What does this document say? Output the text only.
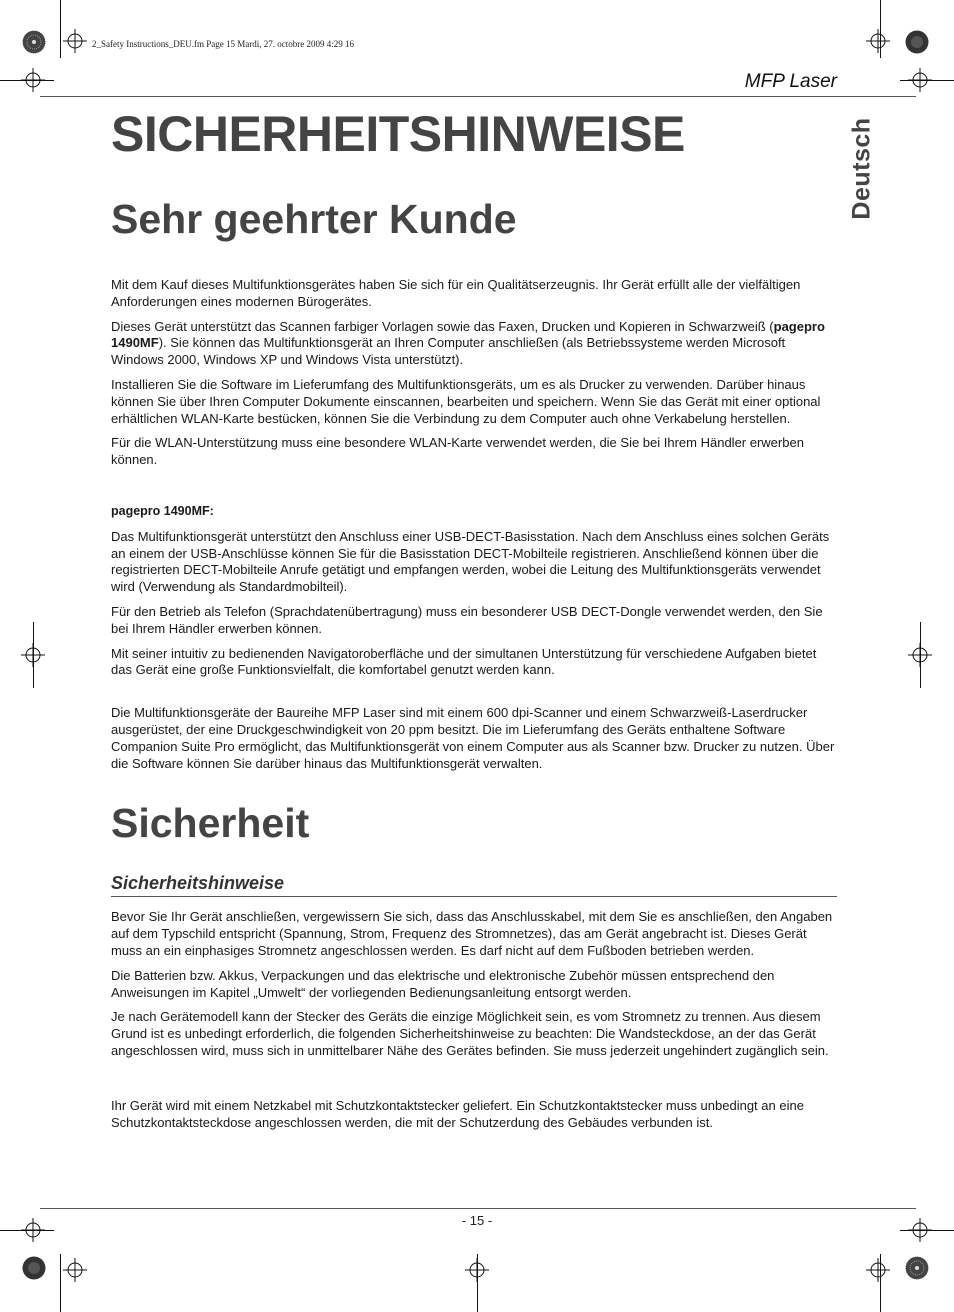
2_Safety Instructions_DEU.fm Page 15 Mardi, 27. octobre 2009 4:29 16
MFP Laser
Deutsch
SICHERHEITSHINWEISE
Sehr geehrter Kunde

Mit dem Kauf dieses Multifunktionsgerätes haben Sie sich für ein Qualitätserzeugnis. Ihr Gerät erfüllt alle der vielfältigen Anforderungen eines modernen Bürogerätes.

Dieses Gerät unterstützt das Scannen farbiger Vorlagen sowie das Faxen, Drucken und Kopieren in Schwarzweiß (pagepro 1490MF). Sie können das Multifunktionsgerät an Ihren Computer anschließen (als Betriebssysteme werden Microsoft Windows 2000, Windows XP und Windows Vista unterstützt).

Installieren Sie die Software im Lieferumfang des Multifunktionsgeräts, um es als Drucker zu verwenden. Darüber hinaus können Sie über Ihren Computer Dokumente einscannen, bearbeiten und speichern. Wenn Sie das Gerät mit einer optional erhältlichen WLAN-Karte bestücken, können Sie die Verbindung zu dem Computer auch ohne Verkabelung herstellen.

Für die WLAN-Unterstützung muss eine besondere WLAN-Karte verwendet werden, die Sie bei Ihrem Händler erwerben können.

pagepro 1490MF:

Das Multifunktionsgerät unterstützt den Anschluss einer USB-DECT-Basisstation. Nach dem Anschluss eines solchen Geräts an einem der USB-Anschlüsse können Sie für die Basisstation DECT-Mobilteile registrieren. Anschließend können über die registrierten DECT-Mobilteile Anrufe getätigt und empfangen werden, wobei die Leitung des Multifunktionsgeräts verwendet wird (Verwendung als Standardmobilteil).

Für den Betrieb als Telefon (Sprachdatenübertragung) muss ein besonderer USB DECT-Dongle verwendet werden, den Sie bei Ihrem Händler erwerben können.

Mit seiner intuitiv zu bedienenden Navigatoroberfläche und der simultanen Unterstützung für verschiedene Aufgaben bietet das Gerät eine große Funktionsvielfalt, die komfortabel genutzt werden kann.

Die Multifunktionsgeräte der Baureihe MFP Laser sind mit einem 600 dpi-Scanner und einem Schwarzweiß-Laserdrucker ausgerüstet, der eine Druckgeschwindigkeit von 20 ppm besitzt. Die im Lieferumfang des Geräts enthaltene Software Companion Suite Pro ermöglicht, das Multifunktionsgerät von einem Computer aus als Scanner bzw. Drucker zu nutzen. Über die Software können Sie darüber hinaus das Multifunktionsgerät verwalten.

Sicherheit
Sicherheitshinweise

Bevor Sie Ihr Gerät anschließen, vergewissern Sie sich, dass das Anschlusskabel, mit dem Sie es anschließen, den Angaben auf dem Typschild entspricht (Spannung, Strom, Frequenz des Stromnetzes), das am Gerät angebracht ist. Dieses Gerät muss an ein einphasiges Stromnetz angeschlossen werden. Es darf nicht auf dem Fußboden betrieben werden.

Die Batterien bzw. Akkus, Verpackungen und das elektrische und elektronische Zubehör müssen entsprechend den Anweisungen im Kapitel „Umwelt“ der vorliegenden Bedienungsanleitung entsorgt werden.

Je nach Gerätemodell kann der Stecker des Geräts die einzige Möglichkeit sein, es vom Stromnetz zu trennen. Aus diesem Grund ist es unbedingt erforderlich, die folgenden Sicherheitshinweise zu beachten: Die Wandsteckdose, an der das Gerät angeschlossen wird, muss sich in unmittelbarer Nähe des Gerätes befinden. Sie muss jederzeit ungehindert zugänglich sein.

Ihr Gerät wird mit einem Netzkabel mit Schutzkontaktstecker geliefert. Ein Schutzkontaktstecker muss unbedingt an eine Schutzkontaktsteckdose angeschlossen werden, die mit der Schutzerdung des Gebäudes verbunden ist.

- 15 -
